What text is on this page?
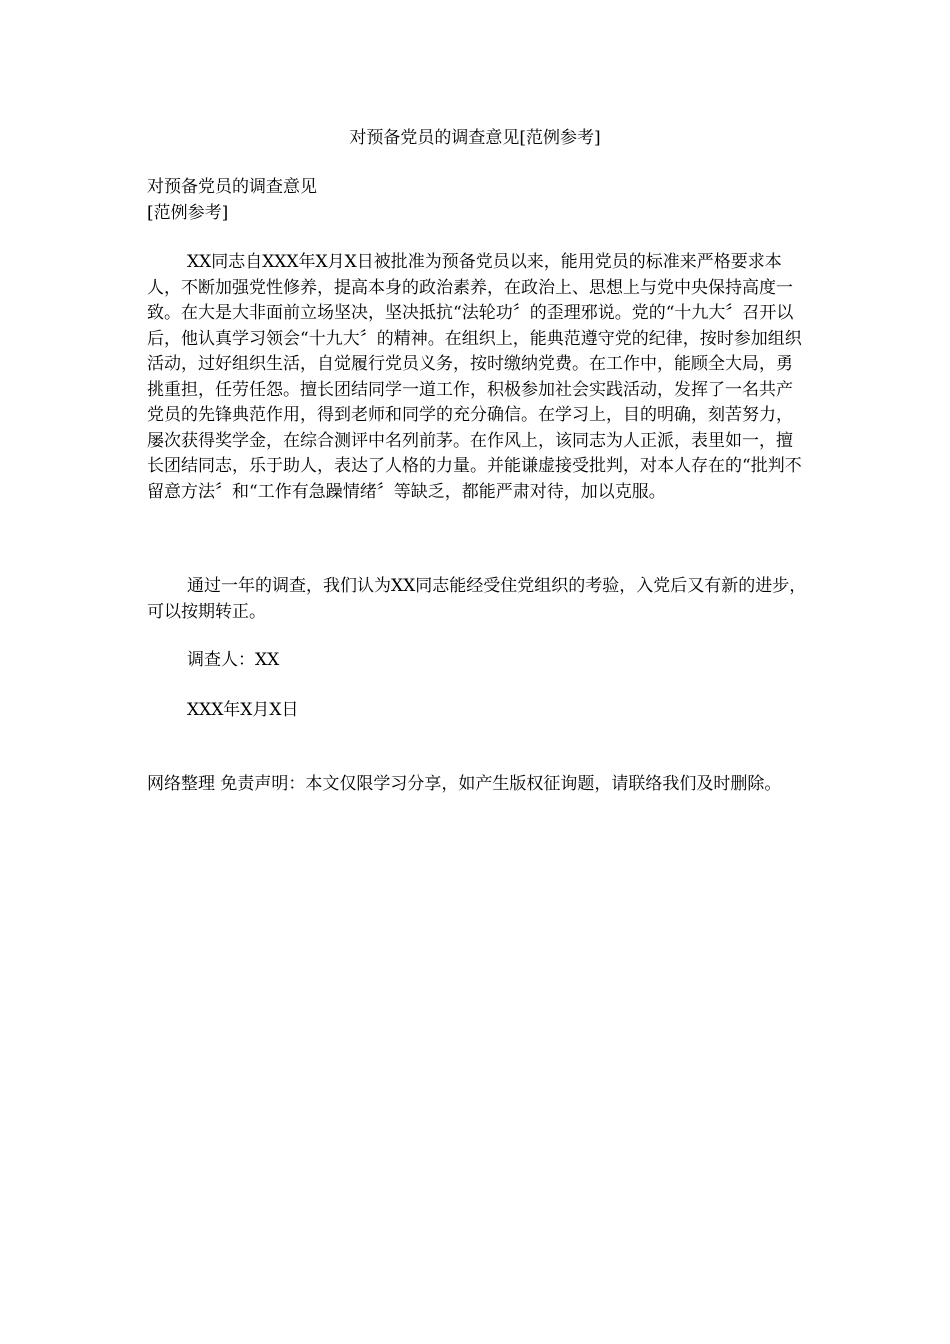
对预备党员的调查意见[范例参考]
对预备党员的调查意见
[范例参考]
XX同志自XXX年X月X日被批准为预备党员以来，能用党员的标准来严格要求本人，不断加强党性修养，提高本身的政治素养，在政治上、思想上与党中央保持高度一致。在大是大非面前立场坚决，坚决抵抗“法轮功〞的歪理邪说。党的“十九大〞召开以后，他认真学习领会“十九大〞的精神。在组织上，能典范遵守党的纪律，按时参加组织活动，过好组织生活，自觉履行党员义务，按时缴纳党费。在工作中，能顾全大局，勇挑重担，任劳任怨。擅长团结同学一道工作，积极参加社会实践活动，发挥了一名共产党员的先锋典范作用，得到老师和同学的充分确信。在学习上，目的明确，刻苦努力，屡次获得奖学金，在综合测评中名列前茅。在作风上，该同志为人正派，表里如一，擅长团结同志，乐于助人，表达了人格的力量。并能谦虚接受批判，对本人存在的“批判不留意方法〞和“工作有急躁情绪〞等缺乏，都能严肃对待，加以克服。
通过一年的调查，我们认为XX同志能经受住党组织的考验，入党后又有新的进步，可以按期转正。
调查人：XX
XXX年X月X日
网络整理 免责声明：本文仅限学习分享，如产生版权征询题，请联络我们及时删除。
